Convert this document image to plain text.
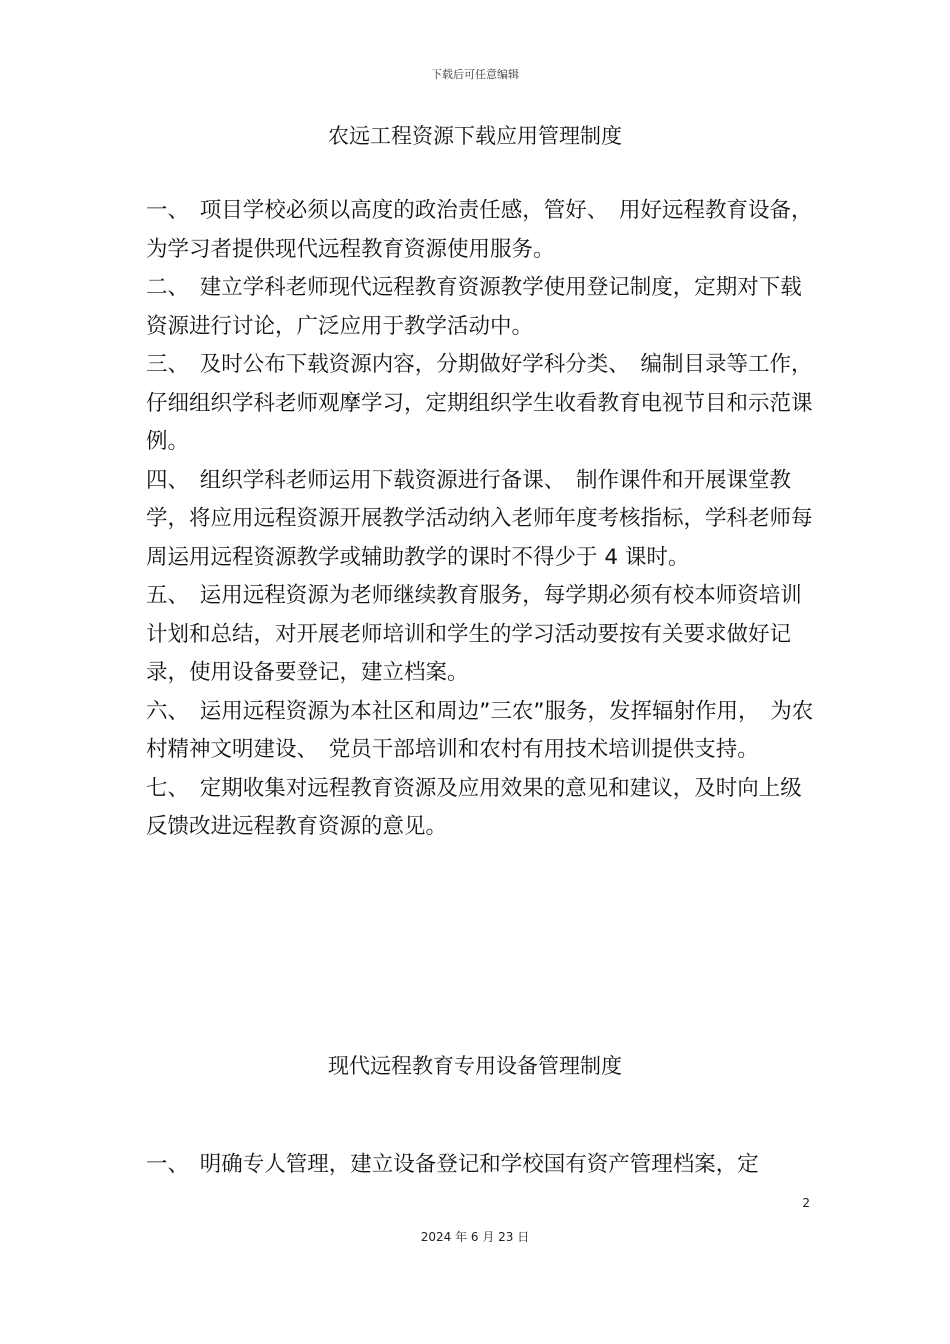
下载后可任意编辑
农远工程资源下载应用管理制度

一、　项目学校必须以高度的政治责任感，管好、　用好远程教育设备，为学习者提供现代远程教育资源使用服务。

二、　建立学科老师现代远程教育资源教学使用登记制度，定期对下载资源进行讨论，广泛应用于教学活动中。

三、　及时公布下载资源内容，分期做好学科分类、　编制目录等工作，仔细组织学科老师观摩学习，定期组织学生收看教育电视节目和示范课例。

四、　组织学科老师运用下载资源进行备课、　制作课件和开展课堂教学，将应用远程资源开展教学活动纳入老师年度考核指标，学科老师每周运用远程资源教学或辅助教学的课时不得少于 4 课时。

五、　运用远程资源为老师继续教育服务，每学期必须有校本师资培训计划和总结，对开展老师培训和学生的学习活动要按有关要求做好记录，使用设备要登记，建立档案。

六、　运用远程资源为本社区和周边”三农”服务，发挥辐射作用，　为农村精神文明建设、　党员干部培训和农村有用技术培训提供支持。

七、　定期收集对远程教育资源及应用效果的意见和建议，及时向上级反馈改进远程教育资源的意见。

现代远程教育专用设备管理制度

一、　明确专人管理，建立设备登记和学校国有资产管理档案，定

2
2024 年 6 月 23 日
